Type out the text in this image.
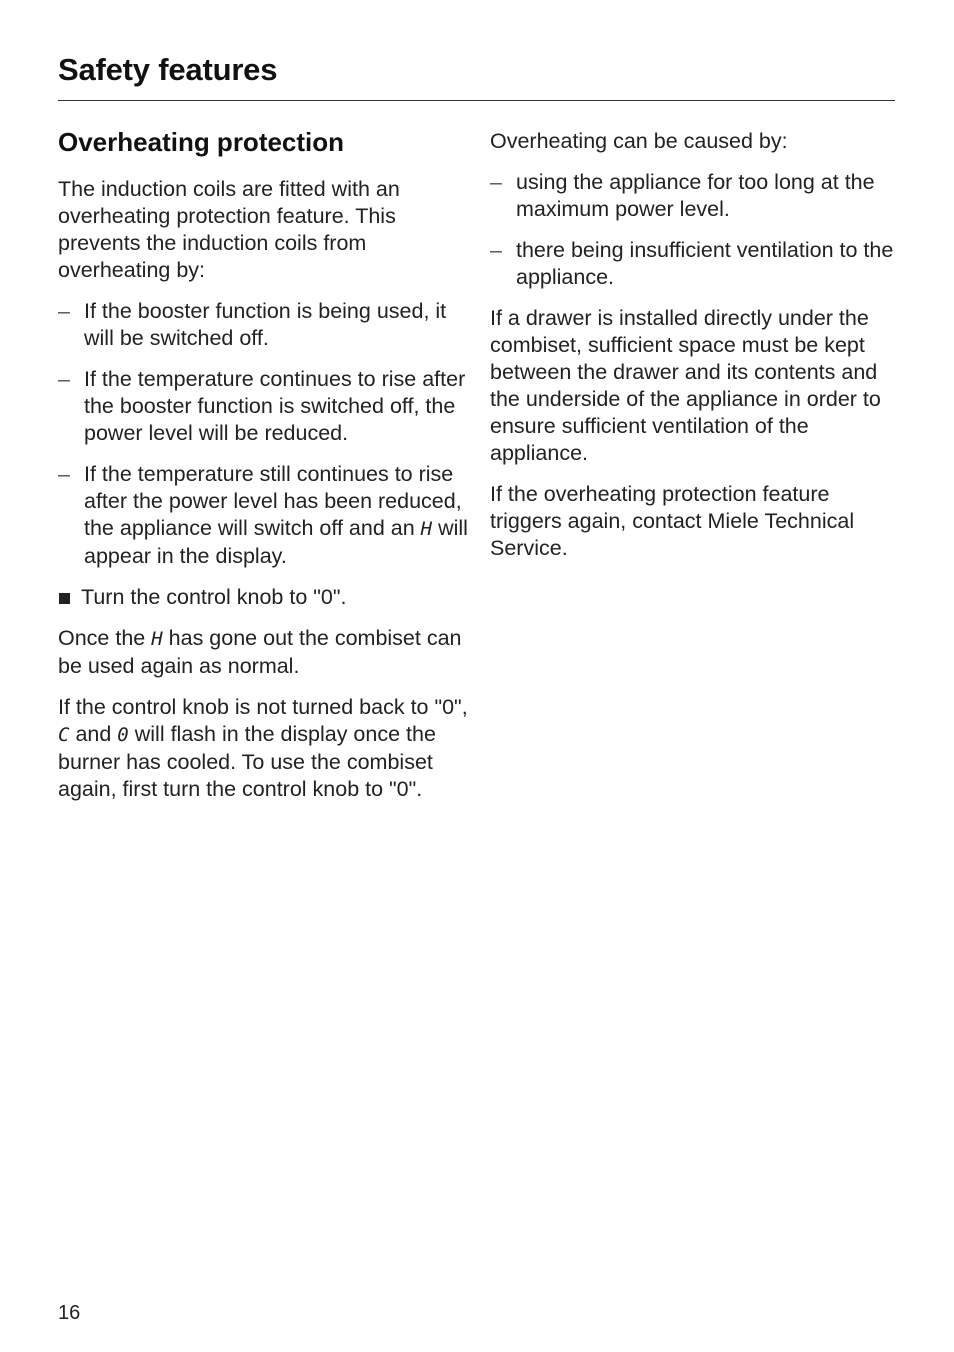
Safety features
Overheating protection

The induction coils are fitted with an overheating protection feature. This prevents the induction coils from overheating by:

– If the booster function is being used, it will be switched off.
– If the temperature continues to rise after the booster function is switched off, the power level will be reduced.
– If the temperature still continues to rise after the power level has been reduced, the appliance will switch off and an H will appear in the display.
Turn the control knob to "0".

Once the H has gone out the combiset can be used again as normal.

If the control knob is not turned back to "0", C and 0 will flash in the display once the burner has cooled. To use the combiset again, first turn the control knob to "0".

Overheating can be caused by:

– using the appliance for too long at the maximum power level.
– there being insufficient ventilation to the appliance.

If a drawer is installed directly under the combiset, sufficient space must be kept between the drawer and its contents and the underside of the appliance in order to ensure sufficient ventilation of the appliance.

If the overheating protection feature triggers again, contact Miele Technical Service.

16
